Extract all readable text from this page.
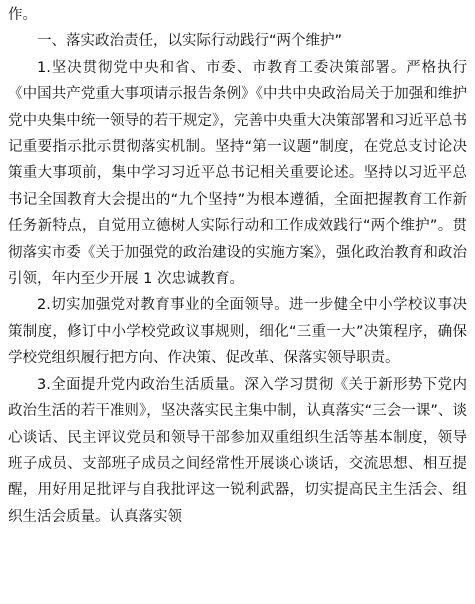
作。

一、落实政治责任，以实际行动践行“两个维护”

1.坚决贯彻党中央和省、市委、市教育工委决策部署。严格执行《中国共产党重大事项请示报告条例》《中共中央政治局关于加强和维护党中央集中统一领导的若干规定》，完善中央重大决策部署和习近平总书记重要指示批示贯彻落实机制。坚持“第一议题”制度，在党总支讨论决策重大事项前，集中学习习近平总书记相关重要论述。坚持以习近平总书记全国教育大会提出的“九个坚持”为根本遵循，全面把握教育工作新任务新特点，自觉用立德树人实际行动和工作成效践行“两个维护”。贯彻落实市委《关于加强党的政治建设的实施方案》，强化政治教育和政治引领，年内至少开展 1 次忠诚教育。

2.切实加强党对教育事业的全面领导。进一步健全中小学校议事决策制度，修订中小学校党政议事规则，细化“三重一大”决策程序，确保学校党组织履行把方向、作决策、促改革、保落实领导职责。

3.全面提升党内政治生活质量。深入学习贯彻《关于新形势下党内政治生活的若干准则》，坚决落实民主集中制，认真落实“三会一课”、谈心谈话、民主评议党员和领导干部参加双重组织生活等基本制度，领导班子成员、支部班子成员之间经常性开展谈心谈话，交流思想、相互提醒，用好用足批评与自我批评这一锐利武器，切实提高民主生活会、组织生活会质量。认真落实领
